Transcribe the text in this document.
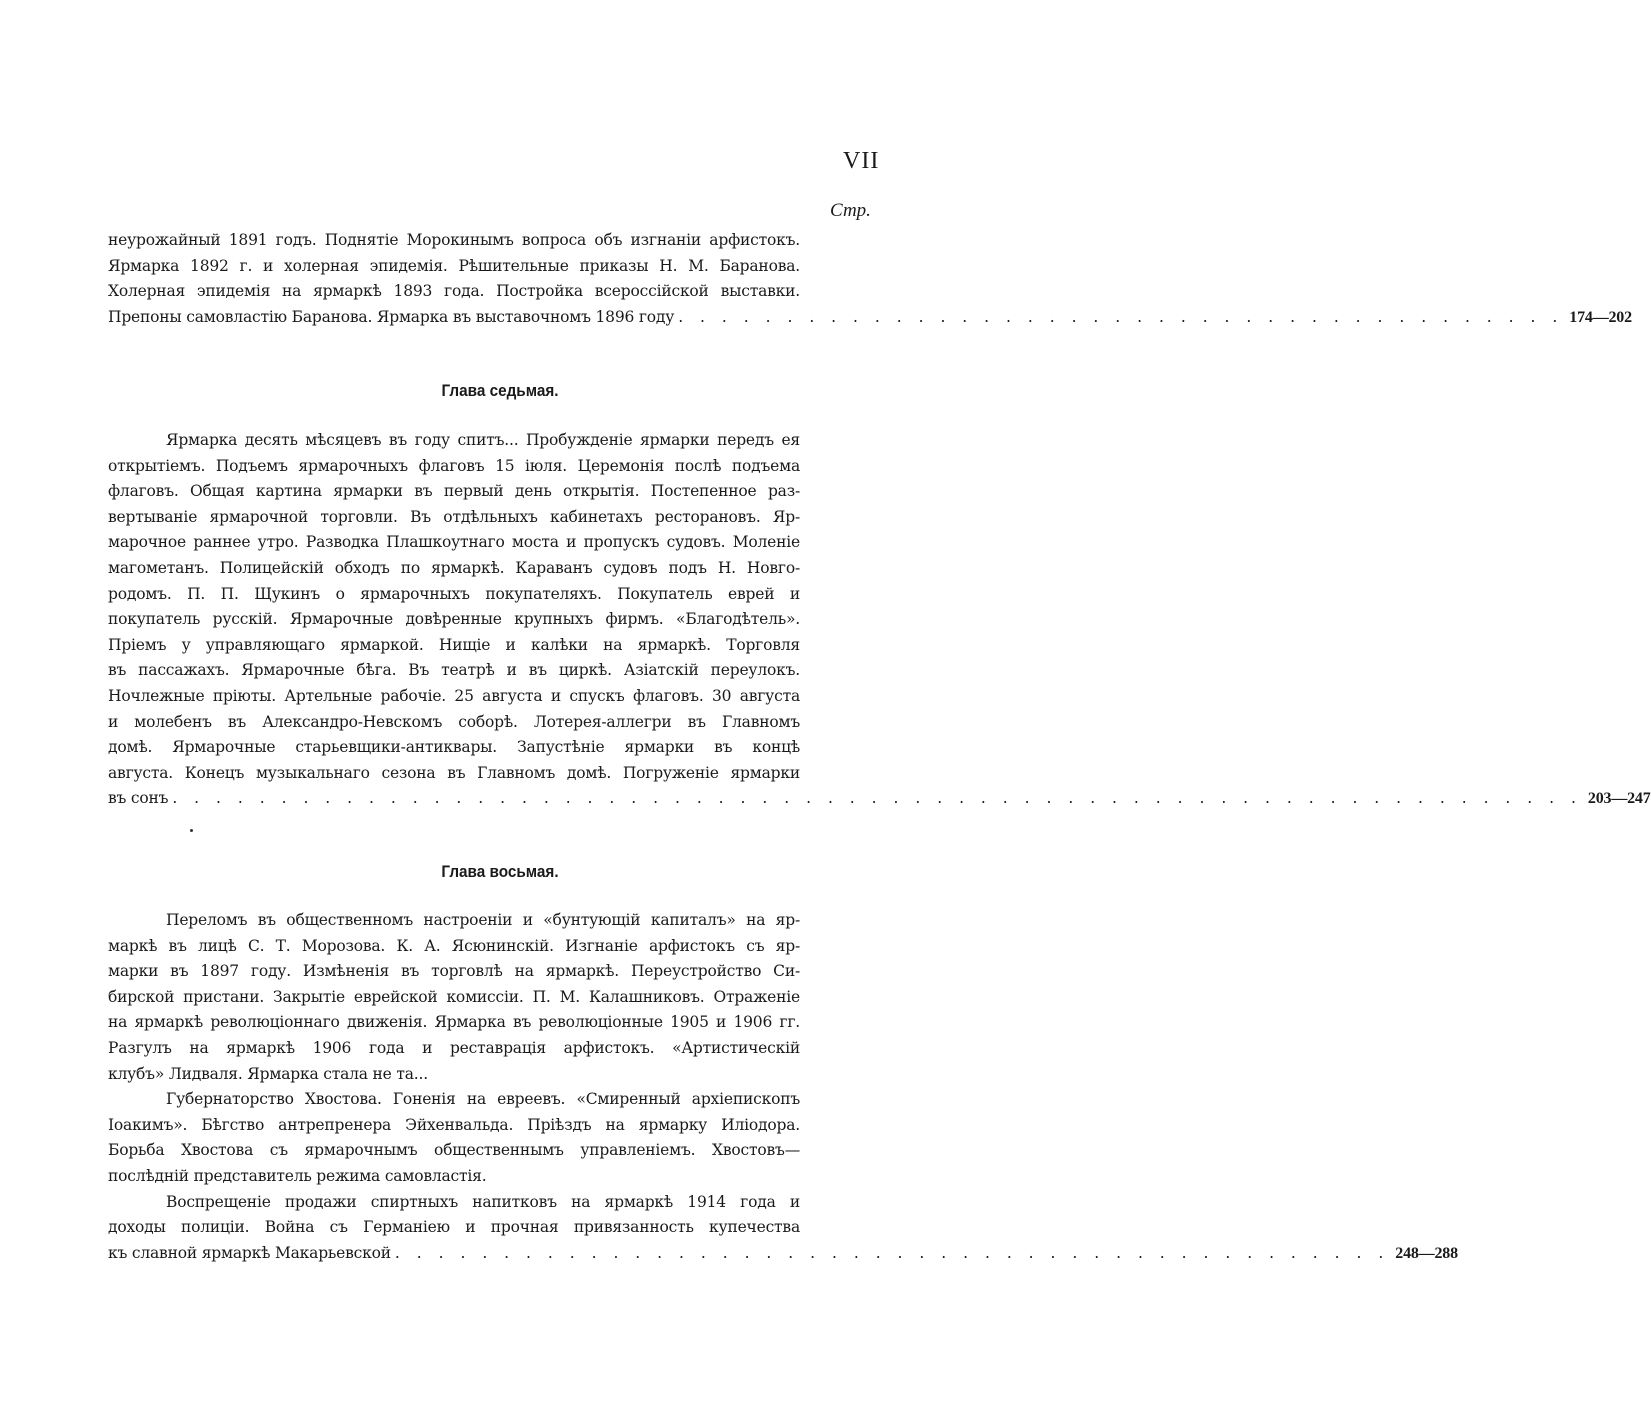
VII
Стр.
неурожайный 1891 годъ. Поднятіе Морокинымъ вопроса объ изгнаніи арфистокъ.
Ярмарка 1892 г. и холерная эпидемія. Рѣшительные приказы Н. М. Баранова.
Холерная эпидемія на ярмаркѣ 1893 года. Постройка всероссійской выставки.
Препоны самовластію Баранова. Ярмарка въ выставочномъ 1896 году . . . . . . . . . . . . . . . . . . . . . . . . . . . . . . . . . . . . . . . . . 174—202
Глава седьмая.
Ярмарка десять мѣсяцевъ въ году спитъ... Пробужденіе ярмарки передъ ея
открытіемъ. Подъемъ ярмарочныхъ флаговъ 15 іюля. Церемонія послѣ подъема
флаговъ. Общая картина ярмарки въ первый день открытія. Постепенное раз-
вертываніе ярмарочной торговли. Въ отдѣльныхъ кабинетахъ ресторановъ. Яр-
марочное раннее утро. Разводка Плашкоутнаго моста и пропускъ судовъ. Моленіе
магометанъ. Полицейскій обходъ по ярмаркѣ. Караванъ судовъ подъ Н. Новго-
родомъ. П. П. Щукинъ о ярмарочныхъ покупателяхъ. Покупатель еврей и
покупатель русскій. Ярмарочные довѣренные крупныхъ фирмъ. «Благодѣтель».
Пріемъ у управляющаго ярмаркой. Нищіе и калѣки на ярмаркѣ. Торговля
въ пассажахъ. Ярмарочные бѣга. Въ театрѣ и въ циркѣ. Азіатскій переулокъ.
Ночлежные пріюты. Артельные рабочіе. 25 августа и спускъ флаговъ. 30 августа
и молебенъ въ Александро-Невскомъ соборѣ. Лотерея-аллегри въ Главномъ
домѣ. Ярмарочные старьевщики-антиквары. Запустѣніе ярмарки въ концѣ
августа. Конецъ музыкальнаго сезона въ Главномъ домѣ. Погруженіе ярмарки
въ сонъ . . . . . . . . . . . . . . . . . . . . . . . . . . . . . . . . . . . . . . . . . . . . . . . . . . . . . . . . . . . . . . . . . 203—247
Глава восьмая.
Переломъ въ общественномъ настроеніи и «бунтующій капиталъ» на яр-
маркѣ въ лицѣ С. Т. Морозова. К. А. Ясюнинскій. Изгнаніе арфистокъ съ яр-
марки въ 1897 году. Измѣненія въ торговлѣ на ярмаркѣ. Переустройство Си-
бирской пристани. Закрытіе еврейской комиссіи. П. М. Калашниковъ. Отраженіе
на ярмаркѣ революціоннаго движенія. Ярмарка въ революціонные 1905 и 1906 гг.
Разгулъ на ярмаркѣ 1906 года и реставрація арфистокъ. «Артистическій
клубъ» Лидваля. Ярмарка стала не та...
Губернаторство Хвостова. Гоненія на евреевъ. «Смиренный архіепископъ
Іоакимъ». Бѣгство антрепренера Эйхенвальда. Пріѣздъ на ярмарку Иліодора.
Борьба Хвостова съ ярмарочнымъ общественнымъ управленіемъ. Хвостовъ—
послѣдній представитель режима самовластія.
Воспрещеніе продажи спиртныхъ напитковъ на ярмаркѣ 1914 года и
доходы полиціи. Война съ Германіею и прочная привязанность купечества
къ славной ярмаркѣ Макарьевской . . . . . . . . . . . . . . . . . . . . . . . . . . . . . . . . . . . . . . . . . . . . . . 248—288
